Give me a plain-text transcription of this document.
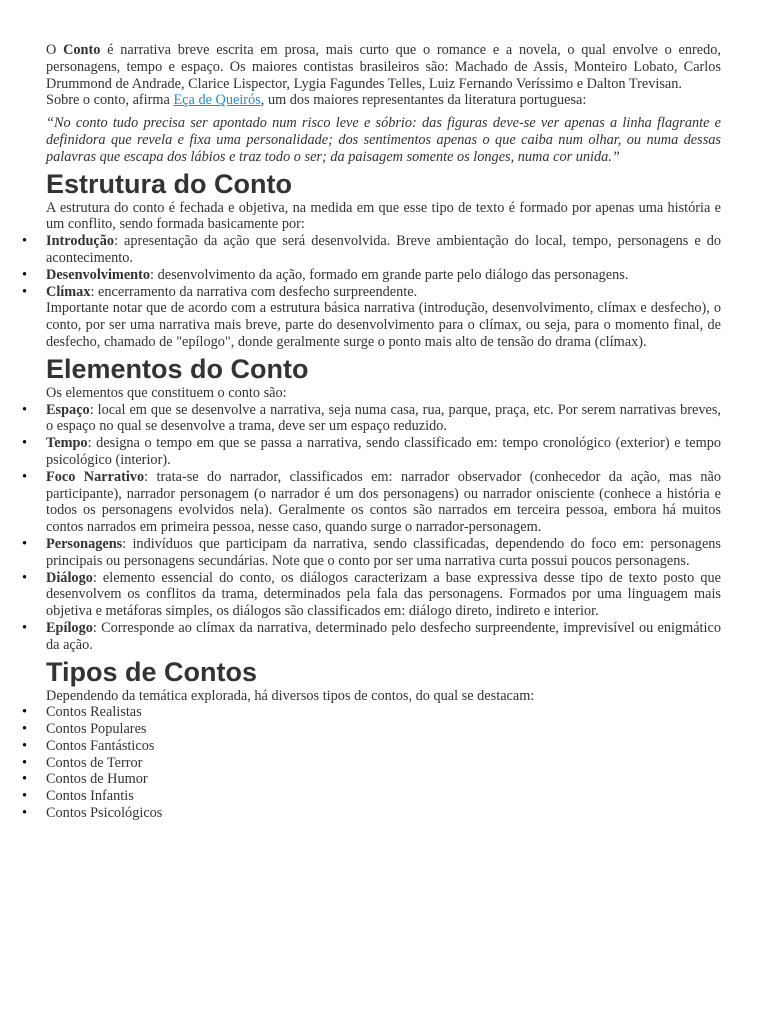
O Conto é narrativa breve escrita em prosa, mais curto que o romance e a novela, o qual envolve o enredo, personagens, tempo e espaço. Os maiores contistas brasileiros são: Machado de Assis, Monteiro Lobato, Carlos Drummond de Andrade, Clarice Lispector, Lygia Fagundes Telles, Luiz Fernando Veríssimo e Dalton Trevisan.

Sobre o conto, afirma Eça de Queirós, um dos maiores representantes da literatura portuguesa:

“No conto tudo precisa ser apontado num risco leve e sóbrio: das figuras deve-se ver apenas a linha flagrante e definidora que revela e fixa uma personalidade; dos sentimentos apenas o que caiba num olhar, ou numa dessas palavras que escapa dos lábios e traz todo o ser; da paisagem somente os longes, numa cor unida.”

Estrutura do Conto

A estrutura do conto é fechada e objetiva, na medida em que esse tipo de texto é formado por apenas uma história e um conflito, sendo formada basicamente por:

• Introdução: apresentação da ação que será desenvolvida. Breve ambientação do local, tempo, personagens e do acontecimento.
• Desenvolvimento: desenvolvimento da ação, formado em grande parte pelo diálogo das personagens.
• Clímax: encerramento da narrativa com desfecho surpreendente.

Importante notar que de acordo com a estrutura básica narrativa (introdução, desenvolvimento, clímax e desfecho), o conto, por ser uma narrativa mais breve, parte do desenvolvimento para o clímax, ou seja, para o momento final, de desfecho, chamado de "epílogo", donde geralmente surge o ponto mais alto de tensão do drama (clímax).

Elementos do Conto

Os elementos que constituem o conto são:

• Espaço: local em que se desenvolve a narrativa, seja numa casa, rua, parque, praça, etc. Por serem narrativas breves, o espaço no qual se desenvolve a trama, deve ser um espaço reduzido.
• Tempo: designa o tempo em que se passa a narrativa, sendo classificado em: tempo cronológico (exterior) e tempo psicológico (interior).
• Foco Narrativo: trata-se do narrador, classificados em: narrador observador (conhecedor da ação, mas não participante), narrador personagem (o narrador é um dos personagens) ou narrador onisciente (conhece a história e todos os personagens evolvidos nela). Geralmente os contos são narrados em terceira pessoa, embora há muitos contos narrados em primeira pessoa, nesse caso, quando surge o narrador-personagem.
• Personagens: indivíduos que participam da narrativa, sendo classificadas, dependendo do foco em: personagens principais ou personagens secundárias. Note que o conto por ser uma narrativa curta possui poucos personagens.
• Diálogo: elemento essencial do conto, os diálogos caracterizam a base expressiva desse tipo de texto posto que desenvolvem os conflitos da trama, determinados pela fala das personagens. Formados por uma linguagem mais objetiva e metáforas simples, os diálogos são classificados em: diálogo direto, indireto e interior.
• Epílogo: Corresponde ao clímax da narrativa, determinado pelo desfecho surpreendente, imprevisível ou enigmático da ação.
Tipos de Contos

Dependendo da temática explorada, há diversos tipos de contos, do qual se destacam:

• Contos Realistas
• Contos Populares
• Contos Fantásticos
• Contos de Terror
• Contos de Humor
• Contos Infantis
• Contos Psicológicos
